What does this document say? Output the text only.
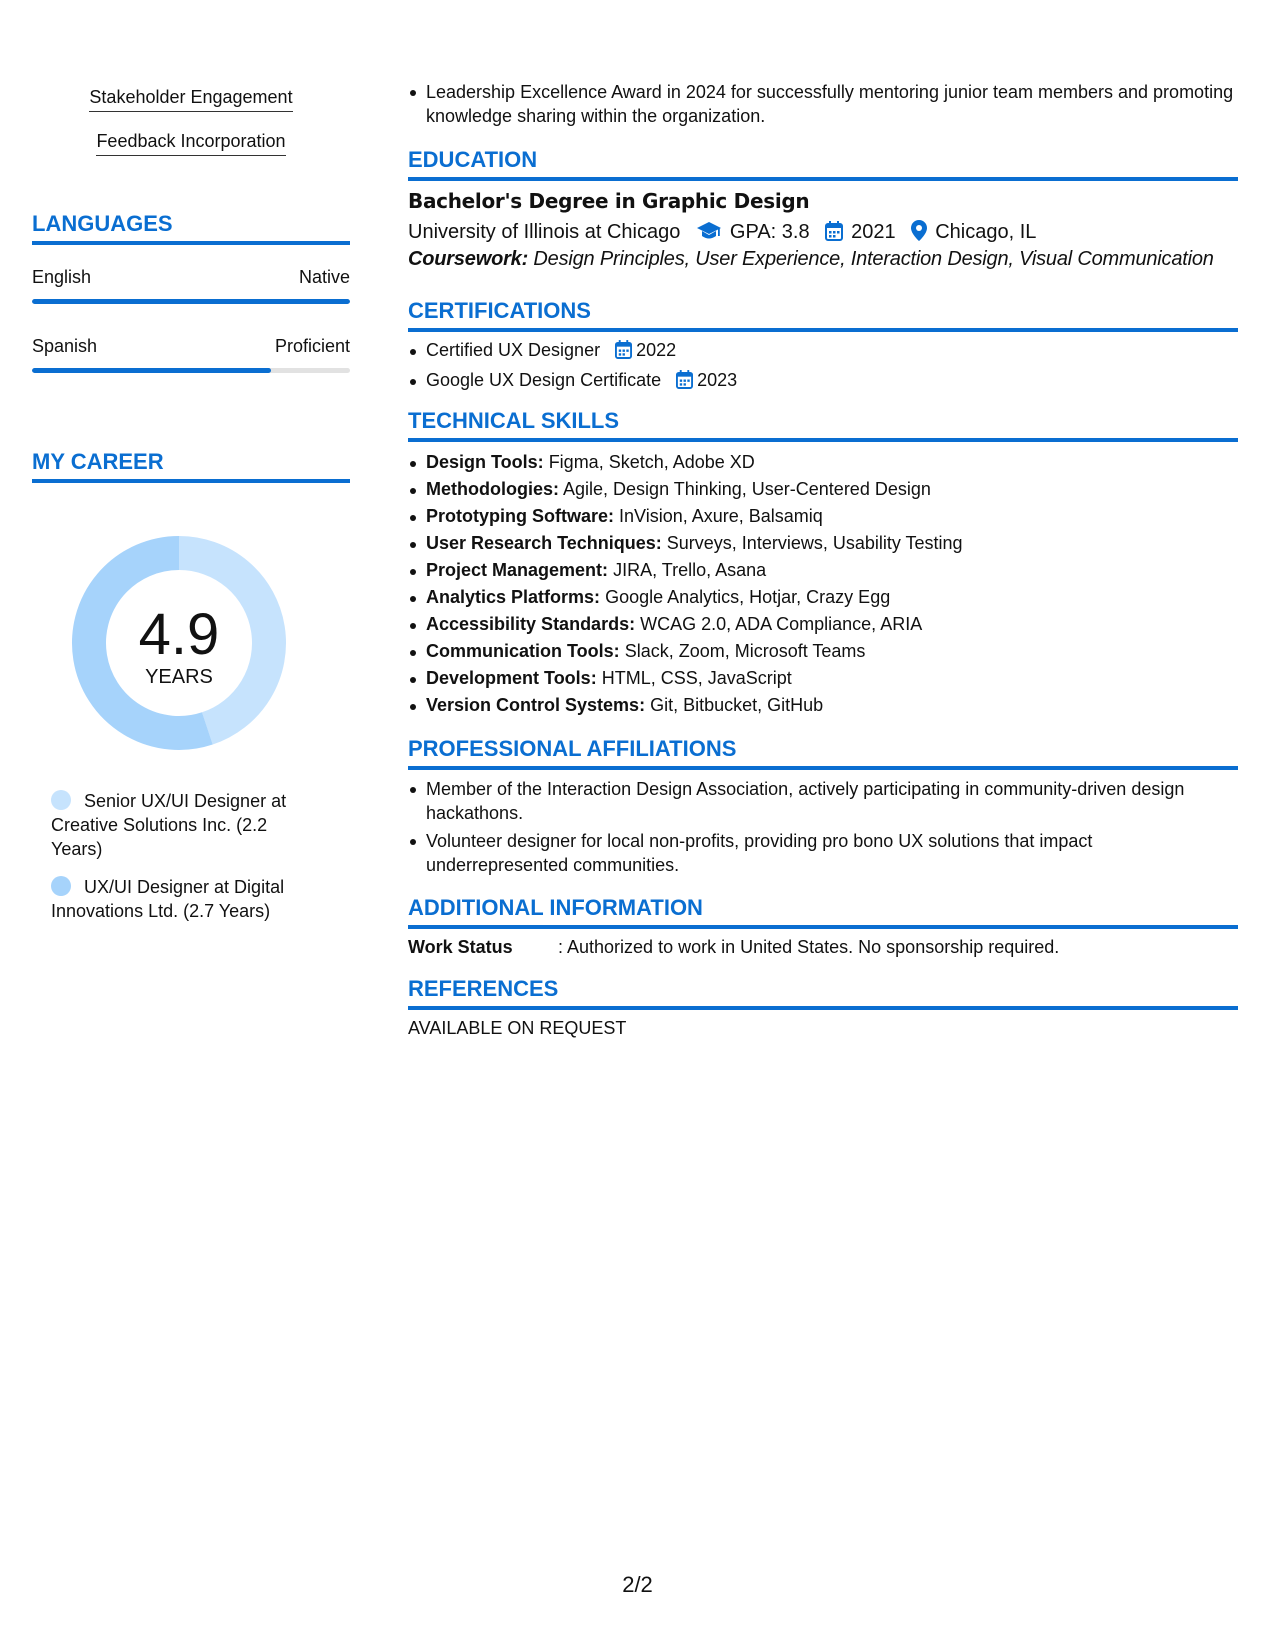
Stakeholder Engagement
Feedback Incorporation
LANGUAGES
English	Native
Spanish	Proficient
MY CAREER
4.9
YEARS
Senior UX/UI Designer at Creative Solutions Inc. (2.2 Years)
UX/UI Designer at Digital Innovations Ltd. (2.7 Years)
Leadership Excellence Award in 2024 for successfully mentoring junior team members and promoting knowledge sharing within the organization.
EDUCATION
Bachelor's Degree in Graphic Design
University of Illinois at Chicago GPA: 3.8 2021 Chicago, IL
Coursework: Design Principles, User Experience, Interaction Design, Visual Communication
CERTIFICATIONS
Certified UX Designer 2022
Google UX Design Certificate 2023
TECHNICAL SKILLS
Design Tools: Figma, Sketch, Adobe XD
Methodologies: Agile, Design Thinking, User-Centered Design
Prototyping Software: InVision, Axure, Balsamiq
User Research Techniques: Surveys, Interviews, Usability Testing
Project Management: JIRA, Trello, Asana
Analytics Platforms: Google Analytics, Hotjar, Crazy Egg
Accessibility Standards: WCAG 2.0, ADA Compliance, ARIA
Communication Tools: Slack, Zoom, Microsoft Teams
Development Tools: HTML, CSS, JavaScript
Version Control Systems: Git, Bitbucket, GitHub
PROFESSIONAL AFFILIATIONS
Member of the Interaction Design Association, actively participating in community-driven design hackathons.
Volunteer designer for local non-profits, providing pro bono UX solutions that impact underrepresented communities.
ADDITIONAL INFORMATION
Work Status	: Authorized to work in United States. No sponsorship required.
REFERENCES
AVAILABLE ON REQUEST
2/2
